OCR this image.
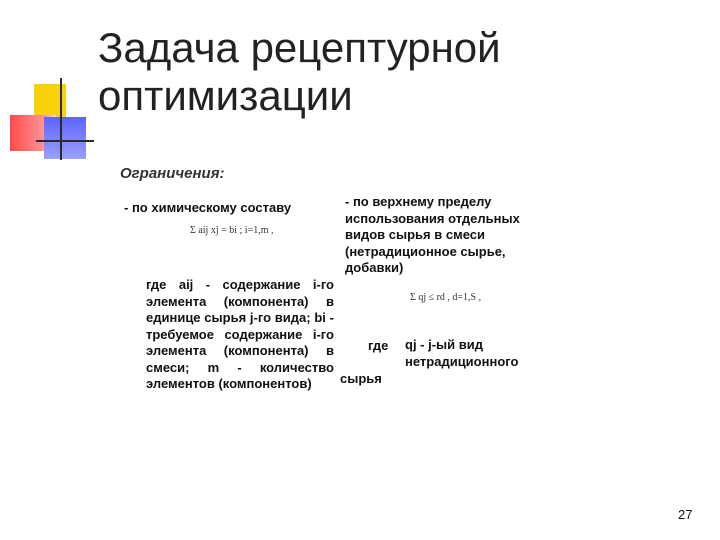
Задача рецептурной
оптимизации
Ограничения:
- по химическому составу
Σ aij xj = bi ; i=1,m ,
где aij - содержание i-го элемента (компонента) в единице сырья j-го вида; bi - требуемое содержание i-го элемента (компонента) в смеси; m - количество элементов (компонентов)
- по верхнему пределу использования отдельных видов сырья в смеси (нетрадиционное сырье, добавки)
Σ qj ≤ rd , d=1,S ,
где qj - j-ый вид нетрадиционного
сырья
27
